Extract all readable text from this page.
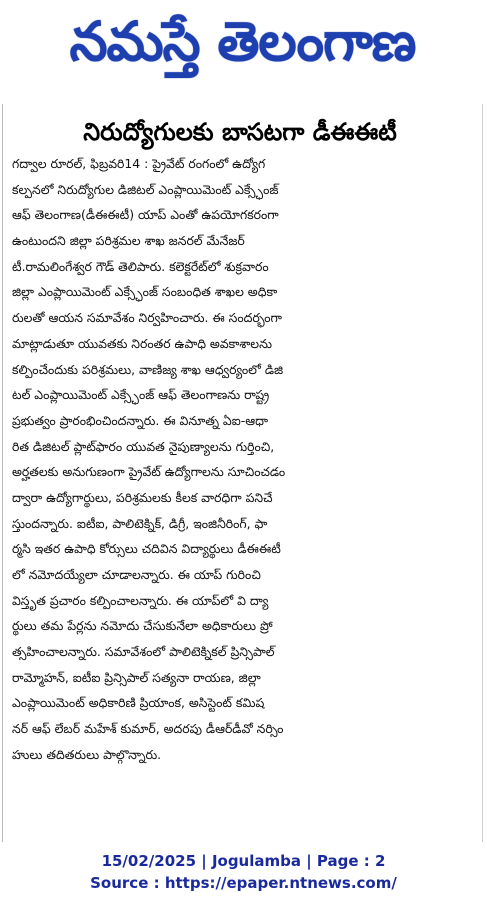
నమస్తే తెలంగాణ
నిరుద్యోగులకు బాసటగా డీఈఈటీ
గద్వాల రూరల్‌, ఫిబ్రవరి14 : ప్రైవేట్‌ రంగంలో ఉద్యోగ
కల్పనలో నిరుద్యోగుల డిజిటల్‌ ఎంప్లాయిమెంట్‌ ఎక్స్ఛేంజ్‌
ఆఫ్‌ తెలంగాణ(డీఈఈటీ) యాప్‌ ఎంతో ఉపయోగకరంగా
ఉంటుందని జిల్లా పరిశ్రమల శాఖ జనరల్‌ మేనేజర్‌
టీ.రామలింగేశ్వర గౌడ్‌ తెలిపారు. కలెక్టరేట్‌లో శుక్రవారం
జిల్లా ఎంప్లాయిమెంట్‌ ఎక్స్ఛేంజ్‌ సంబంధిత శాఖల అధికా
రులతో ఆయన సమావేశం నిర్వహించారు. ఈ సందర్భంగా
మాట్లాడుతూ యువతకు నిరంతర ఉపాధి అవకాశాలను
కల్పించేందుకు పరిశ్రమలు, వాణిజ్య శాఖ ఆధ్వర్యంలో డిజి
టల్‌ ఎంప్లాయిమెంట్‌ ఎక్స్ఛేంజ్‌ ఆఫ్‌ తెలంగాణను రాష్ట్ర
ప్రభుత్వం ప్రారంభించిందన్నారు. ఈ వినూత్న ఏఐ-ఆధా
రిత డిజిటల్‌ ప్లాట్‌ఫారం యువత నైపుణ్యాలను గుర్తించి,
అర్హతలకు అనుగుణంగా ప్రైవేట్‌ ఉద్యోగాలను సూచించడం
ద్వారా ఉద్యోగార్థులు, పరిశ్రమలకు కీలక వారధిగా పనిచే
స్తుందన్నారు. ఐటీఐ, పాలిటెక్నిక్‌, డిగ్రీ, ఇంజినీరింగ్‌, ఫా
ర్మసి ఇతర ఉపాధి కోర్సులు చదివిన విద్యార్థులు డీఈఈటీ
లో నమోదయ్యేలా చూడాలన్నారు. ఈ యాప్‌ గురించి
విస్తృత ప్రచారం కల్పించాలన్నారు. ఈ యాప్‌లో వి ద్యా
ర్థులు తమ పేర్లను నమోదు చేసుకునేలా అధికారులు ప్రో
త్సహించాలన్నారు. సమావేశంలో పాలిటెక్నికల్‌ ప్రిన్సిపాల్‌
రామ్మోహన్‌, ఐటీఐ ప్రిన్సిపాల్‌ సత్యనా రాయణ, జిల్లా
ఎంప్లాయిమెంట్‌ అధికారిణి ప్రియాంక, అసిస్టెంట్‌ కమిష
నర్‌ ఆఫ్‌ లేబర్‌ మహేశ్‌ కుమార్‌, అదరపు డీఆర్‌డీవో నర్సిం
హులు తదితరులు పాల్గొన్నారు.
15/02/2025 | Jogulamba | Page : 2
Source : https://epaper.ntnews.com/
